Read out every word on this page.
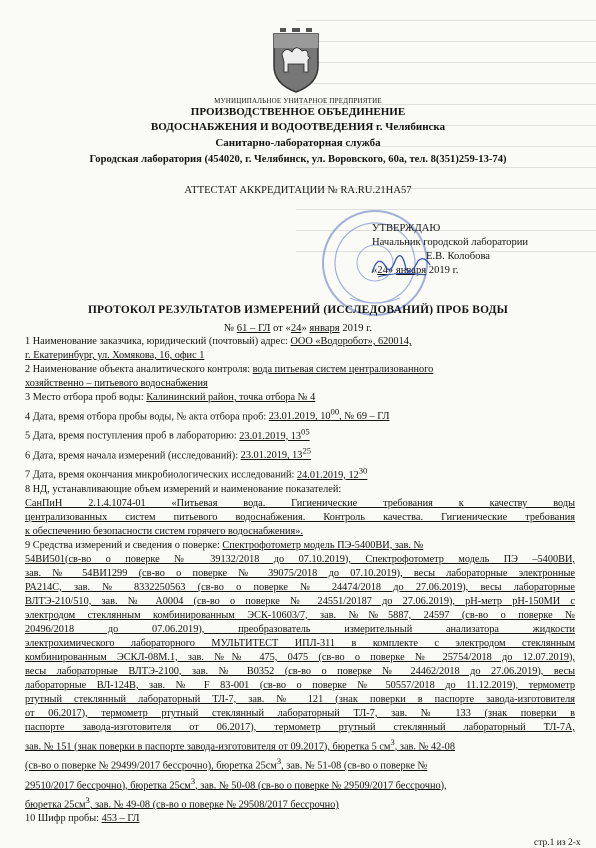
МУНИЦИПАЛЬНОЕ УНИТАРНОЕ ПРЕДПРИЯТИЕ
ПРОИЗВОДСТВЕННОЕ ОБЪЕДИНЕНИЕ
ВОДОСНАБЖЕНИЯ И ВОДООТВЕДЕНИЯ г. Челябинска
Санитарно-лабораторная служба
Городская лаборатория (454020, г. Челябинск, ул. Воровского, 60а, тел. 8(351)259-13-74)
АТТЕСТАТ АККРЕДИТАЦИИ № RA.RU.21НА57
УТВЕРЖДАЮ
Начальник городской лаборатории
Е.В. Колобова
«24» января 2019 г.
ПРОТОКОЛ РЕЗУЛЬТАТОВ ИЗМЕРЕНИЙ (ИССЛЕДОВАНИЙ) ПРОБ ВОДЫ
№ 61 – ГЛ от «24» января 2019 г.
1 Наименование заказчика, юридический (почтовый) адрес: ООО «Водоробот», 620014,
г. Екатеринбург, ул. Хомякова, 16, офис 1
2 Наименование объекта аналитического контроля: вода питьевая систем централизованного
хозяйственно – питьевого водоснабжения
3 Место отбора проб воды: Калининский район, точка отбора № 4
4 Дата, время отбора пробы воды, № акта отбора проб: 23.01.2019, $10^{00}$, № 69 – ГЛ
5 Дата, время поступления проб в лабораторию: 23.01.2019, $13^{05}$
6 Дата, время начала измерений (исследований): 23.01.2019, $13^{25}$
7 Дата, время окончания микробиологических исследований: 24.01.2019, $12^{30}$
8 НД, устанавливающие объем измерений и наименование показателей:
СанПиН 2.1.4.1074-01 «Питьевая вода. Гигиенические требования к качеству воды
централизованных систем питьевого водоснабжения. Контроль качества. Гигиенические требования
к обеспечению безопасности систем горячего водоснабжения».
9 Средства измерений и сведения о поверке: Спектрофотометр модель ПЭ-5400ВИ, зав. №
54ВИ501(св-во о поверке № 39132/2018 до 07.10.2019), Спектрофотометр модель ПЭ –5400ВИ,
зав. № 54ВИ1299 (св-во о поверке № 39075/2018 до 07.10.2019), весы лабораторные электронные
РА214С, зав. № 8332250563 (св-во о поверке № 24474/2018 до 27.06.2019), весы лабораторные
ВЛТЭ-210/510, зав. № А0004 (св-во о поверке № 24551/20187 до 27.06.2019), рН-метр рН-150МИ с
электродом стеклянным комбинированным ЭСК-10603/7, зав. №№5887, 24597 (св-во о поверке №
20496/2018 до 07.06.2019), преобразователь измерительный анализатора жидкости
электрохимического лабораторного МУЛЬТИТЕСТ ИПЛ-311 в комплекте с электродом стеклянным
комбинированным ЭСКЛ-08М.1, зав. №№ 475, 0475 (св-во о поверке № 25754/2018 до 12.07.2019),
весы лабораторные ВЛТЭ-2100, зав. № В0352 (св-во о поверке № 24462/2018 до 27.06.2019), весы
лабораторные ВЛ-124В, зав. № F 83-001 (св-во о поверке № 50557/2018 до 11.12.2019), термометр
ртутный стеклянный лабораторный ТЛ-7, зав. № 121 (знак поверки в паспорте завода-изготовителя
от 06.2017), термометр ртутный стеклянный лабораторный ТЛ-7, зав. № 133 (знак поверки в
паспорте завода-изготовителя от 06.2017), термометр ртутный стеклянный лабораторный ТЛ-7А,
зав. № 151 (знак поверки в паспорте завода-изготовителя от 09.2017), бюретка 5 $см^3$, зав. № 42-08
(св-во о поверке № 29499/2017 бессрочно), бюретка $25см^3$, зав. № 51-08 (св-во о поверке №
29510/2017 бессрочно), бюретка $25см^3$, зав. № 50-08 (св-во о поверке № 29509/2017 бессрочно),
бюретка $25см^3$, зав. № 49-08 (св-во о поверке № 29508/2017 бессрочно)
10 Шифр пробы: 453 – ГЛ
стр.1 из 2-х
